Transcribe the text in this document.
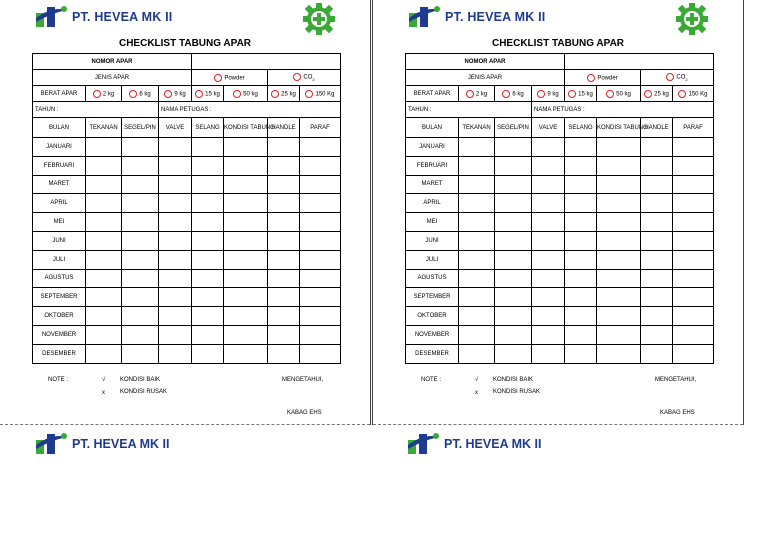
PT. HEVEA MK II
CHECKLIST TABUNG APAR
NOMOR APAR							
JENIS APAR				Powder		$CO_2$
BERAT APAR	2 kg	6 kg	9 kg	15 kg	50 kg	25 kg	150 Kg
TAHUN :			NAMA PETUGAS :				
BULAN	TEKANAN	SEGEL/PIN	VALVE	SELANG	KONDISI TABUNG	HANDLE	PARAF
JANUARI							
FEBRUARI							
MARET							
APRIL							
MEI							
JUNI							
JULI							
AGUSTUS							
SEPTEMBER							
OKTOBER							
NOVEMBER							
DESEMBER							
NOTE :	√ KONDISI BAIK
x	KONDISI RUSAK
MENGETAHUI,
KABAG EHS
PT. HEVEA MK II
CHECKLIST TABUNG APAR
NOMOR APAR							
JENIS APAR				Powder		$CO_2$
BERAT APAR	2 kg	6 kg	9 kg	15 kg	50 kg	25 kg	150 Kg
TAHUN :			NAMA PETUGAS :				
BULAN	TEKANAN	SEGEL/PIN	VALVE	SELANG	KONDISI TABUNG	HANDLE	PARAF
JANUARI							
FEBRUARI							
MARET							
APRIL							
MEI							
JUNI							
JULI							
AGUSTUS							
SEPTEMBER							
OKTOBER							
NOVEMBER							
DESEMBER							
NOTE :	√ KONDISI BAIK
x	KONDISI RUSAK
MENGETAHUI,
KABAG EHS
PT. HEVEA MK II	PT. HEVEA MK II
